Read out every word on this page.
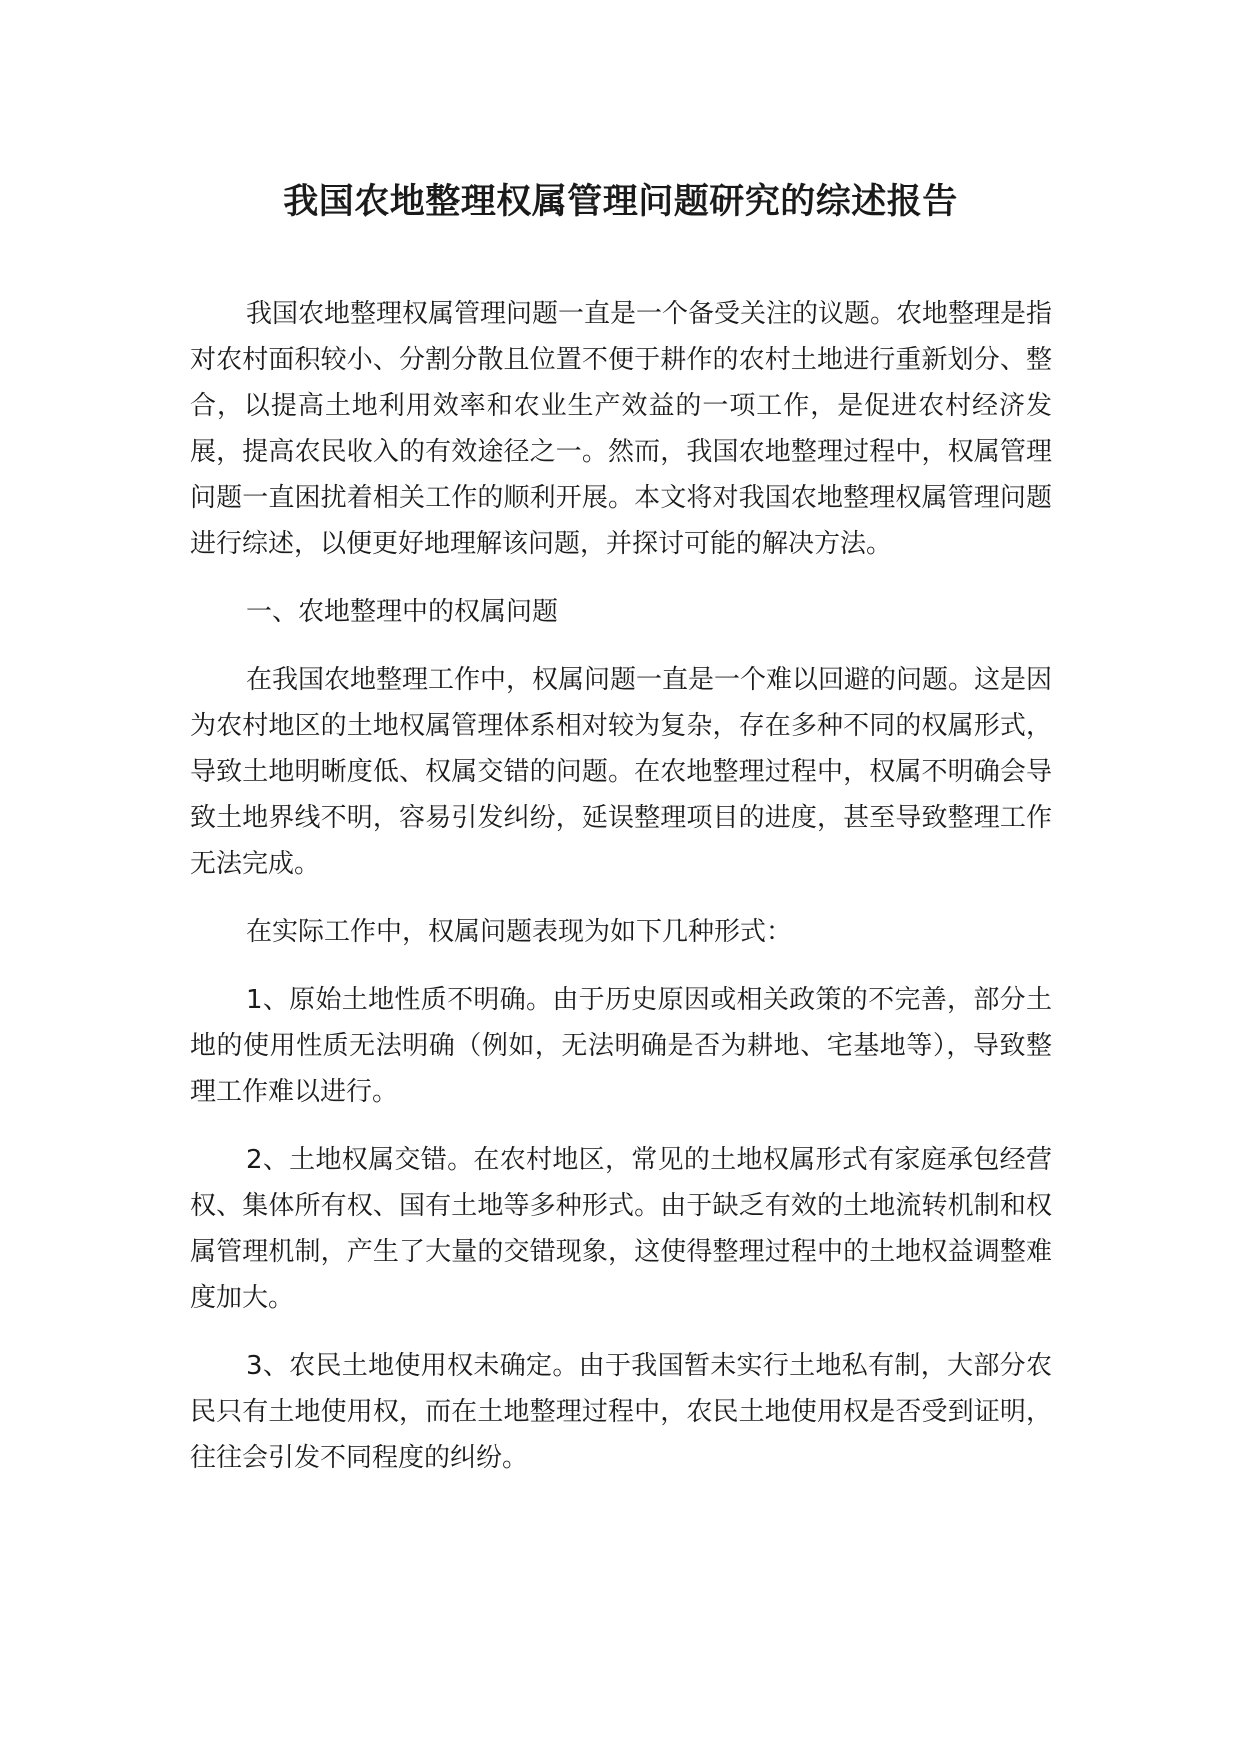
我国农地整理权属管理问题研究的综述报告

我国农地整理权属管理问题一直是一个备受关注的议题。农地整理是指对农村面积较小、分割分散且位置不便于耕作的农村土地进行重新划分、整合，以提高土地利用效率和农业生产效益的一项工作，是促进农村经济发展，提高农民收入的有效途径之一。然而，我国农地整理过程中，权属管理问题一直困扰着相关工作的顺利开展。本文将对我国农地整理权属管理问题进行综述，以便更好地理解该问题，并探讨可能的解决方法。

一、农地整理中的权属问题

在我国农地整理工作中，权属问题一直是一个难以回避的问题。这是因为农村地区的土地权属管理体系相对较为复杂，存在多种不同的权属形式，导致土地明晰度低、权属交错的问题。在农地整理过程中，权属不明确会导致土地界线不明，容易引发纠纷，延误整理项目的进度，甚至导致整理工作无法完成。

在实际工作中，权属问题表现为如下几种形式：

1、原始土地性质不明确。由于历史原因或相关政策的不完善，部分土地的使用性质无法明确（例如，无法明确是否为耕地、宅基地等），导致整理工作难以进行。

2、土地权属交错。在农村地区，常见的土地权属形式有家庭承包经营权、集体所有权、国有土地等多种形式。由于缺乏有效的土地流转机制和权属管理机制，产生了大量的交错现象，这使得整理过程中的土地权益调整难度加大。

3、农民土地使用权未确定。由于我国暂未实行土地私有制，大部分农民只有土地使用权，而在土地整理过程中，农民土地使用权是否受到证明，往往会引发不同程度的纠纷。
